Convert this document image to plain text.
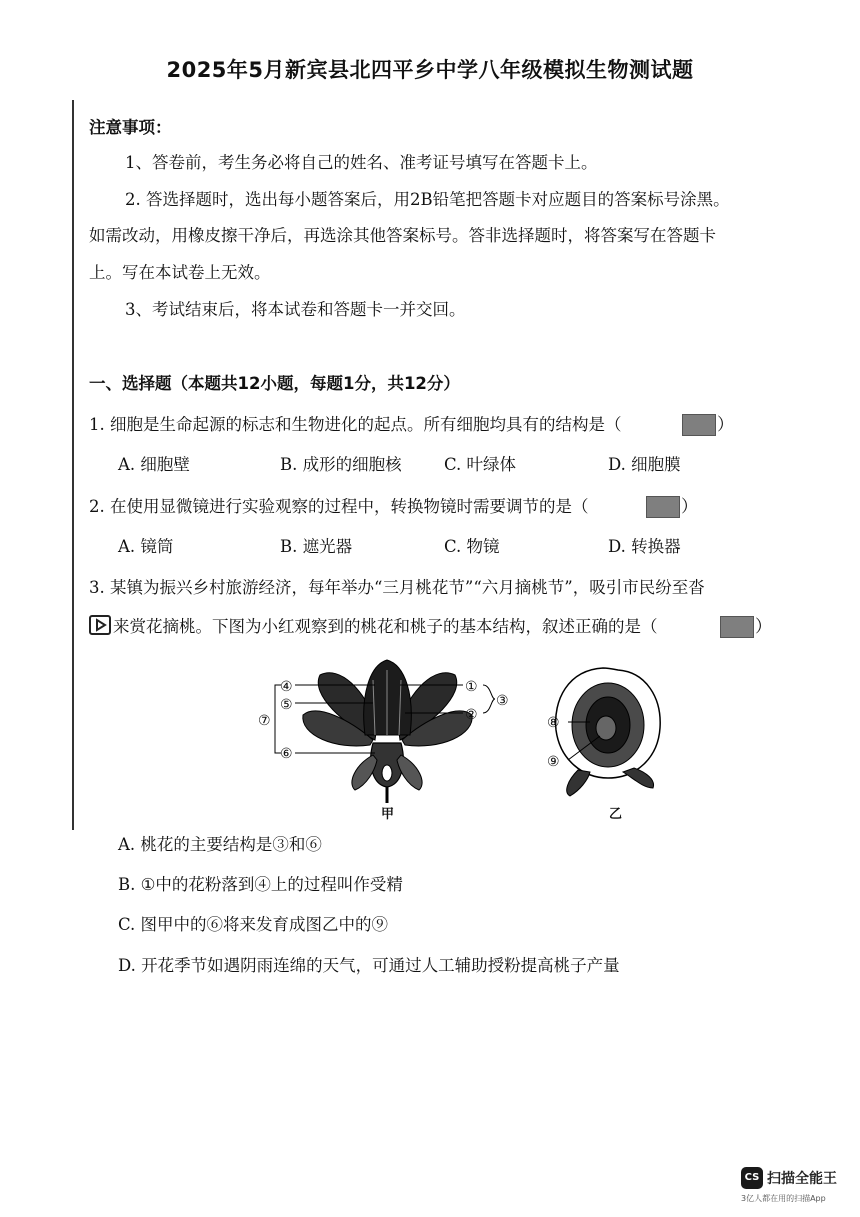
2025年5月新宾县北四平乡中学八年级模拟生物测试题
注意事项：
1、答卷前，考生务必将自己的姓名、准考证号填写在答题卡上。
2. 答选择题时，选出每小题答案后，用2B铅笔把答题卡对应题目的答案标号涂黑。
如需改动，用橡皮擦干净后，再选涂其他答案标号。答非选择题时，将答案写在答题卡
上。写在本试卷上无效。
3、考试结束后，将本试卷和答题卡一并交回。
一、选择题（本题共12小题，每题1分，共12分）
1. 细胞是生命起源的标志和生物进化的起点。所有细胞均具有的结构是（	）
A. 细胞壁	B. 成形的细胞核	C. 叶绿体	D. 细胞膜
2. 在使用显微镜进行实验观察的过程中，转换物镜时需要调节的是（	）
A. 镜筒	B. 遮光器	C. 物镜	D. 转换器
3. 某镇为振兴乡村旅游经济，每年举办“三月桃花节”“六月摘桃节”，吸引市民纷至沓
来赏花摘桃。下图为小红观察到的桃花和桃子的基本结构，叙述正确的是（	）
④
⑤
⑦
⑥
①
②
③
甲
⑧
⑨
乙
A. 桃花的主要结构是③和⑥
B. ①中的花粉落到④上的过程叫作受精
C. 图甲中的⑥将来发育成图乙中的⑨
D. 开花季节如遇阴雨连绵的天气，可通过人工辅助授粉提高桃子产量
CS 扫描全能王
3亿人都在用的扫描App
